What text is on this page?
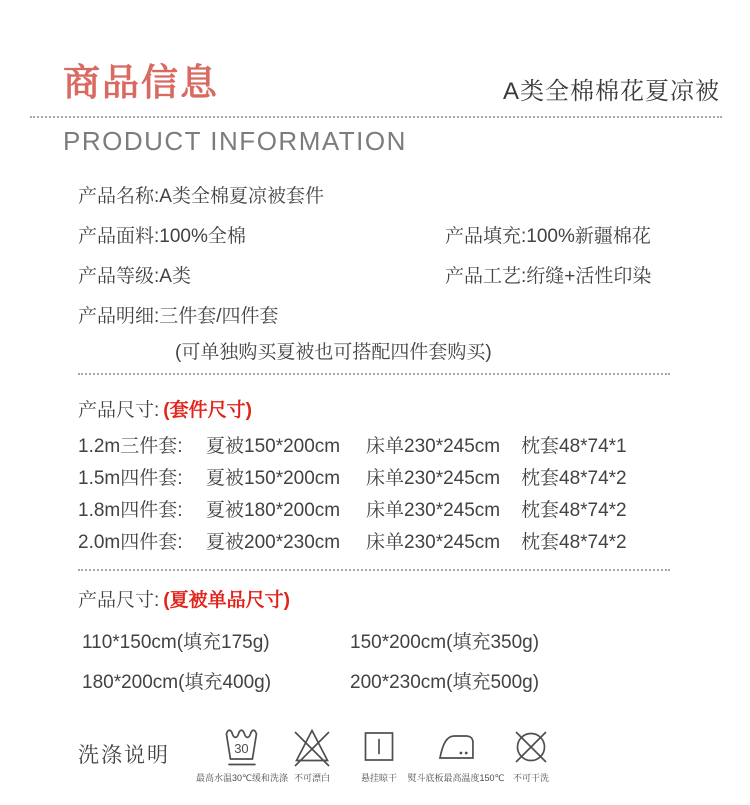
商品信息	A类全棉棉花夏凉被
PRODUCT INFORMATION
产品名称:A类全棉夏凉被套件
产品面料:100%全棉	产品填充:100%新疆棉花
产品等级:A类	产品工艺:绗缝+活性印染
产品明细:三件套/四件套
(可单独购买夏被也可搭配四件套购买)
产品尺寸: (套件尺寸)
1.2m三件套:	夏被150*200cm	床单230*245cm	枕套48*74*1
1.5m四件套:	夏被150*200cm	床单230*245cm	枕套48*74*2
1.8m四件套:	夏被180*200cm	床单230*245cm	枕套48*74*2
2.0m四件套:	夏被200*230cm	床单230*245cm	枕套48*74*2
产品尺寸: (夏被单品尺寸)
110*150cm(填充175g)	150*200cm(填充350g)
180*200cm(填充400g)	200*230cm(填充500g)
洗涤说明	30
最高水温30℃缓和洗涤 不可漂白	悬挂晾干 熨斗底板最高温度150℃ 不可干洗
